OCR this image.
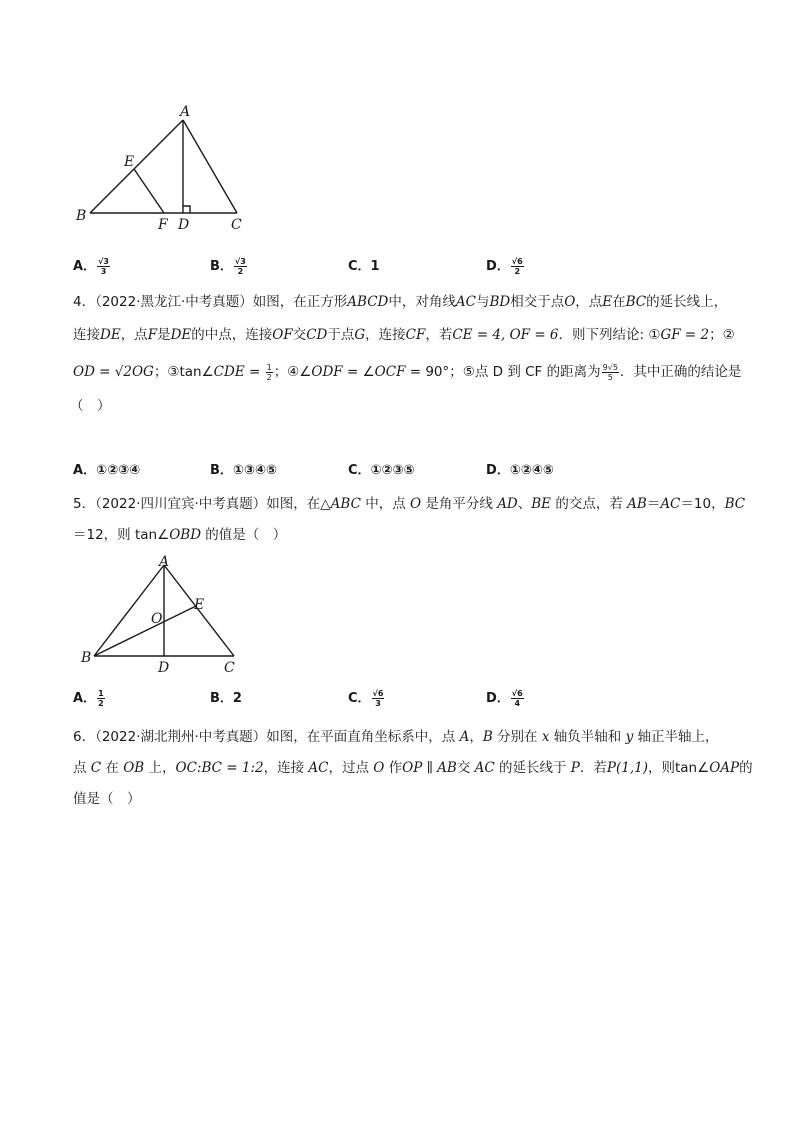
A
B
C
D
E
F
A． $\frac{√3}{3}$	B． $\frac{√3}{2}$	C．1	D． $\frac{√6}{2}$
4．（2022·黑龙江·中考真题）如图，在正方形ABCD中，对角线AC与BD相交于点O，点E在BC的延长线上，
连接DE，点F是DE的中点，连接OF交CD于点G，连接CF，若CE = 4, OF = 6．则下列结论: ①GF = 2；②
OD = √2OG；③tan∠CDE = $\frac{1}{2}$ ；④∠ODF = ∠OCF = 90°；⑤点 D 到 CF 的距离为 $\frac{9√5}{5}$ ．其中正确的结论是
（　）
A．①②③④	B．①③④⑤	C．①②③⑤	D．①②④⑤
5．（2022·四川宜宾·中考真题）如图，在△ABC 中，点 O 是角平分线 AD、BE 的交点，若 AB＝AC＝10，BC
＝12，则 tan∠OBD 的值是（　）
A
B
C
D
E
O
A． $\frac{1}{2}$	B．2	C． $\frac{√6}{3}$	D． $\frac{√6}{4}$
6．（2022·湖北荆州·中考真题）如图，在平面直角坐标系中，点 A，B 分别在 x 轴负半轴和 y 轴正半轴上，
点 C 在 OB 上，OC:BC = 1:2，连接 AC，过点 O 作OP ∥ AB交 AC 的延长线于 P．若P(1,1)，则tan∠OAP的
值是（　）
